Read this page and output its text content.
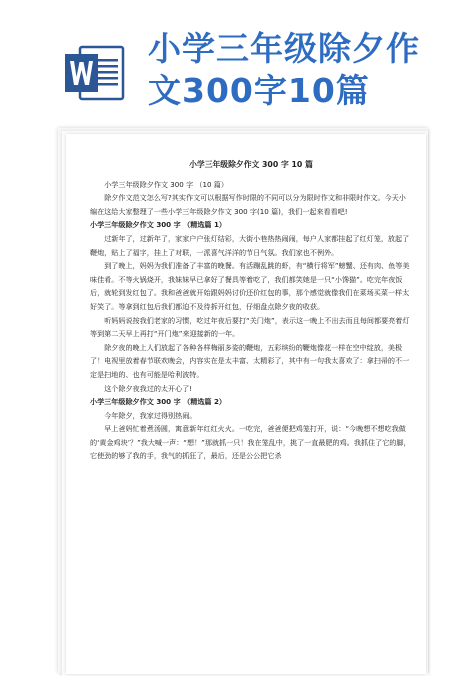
小学三年级除夕作
文300字10篇

小学三年级除夕作文 300 字 10 篇

小学三年级除夕作文 300 字 （10 篇）

除夕作文范文怎么写?其实作文可以根据写作时限的不同可以分为限时作文和非限时作文。今天小编在这给大家整理了一些小学三年级除夕作文 300 字(10 篇)，我们一起来看看吧!

小学三年级除夕作文 300 字 （精选篇 1）

过新年了，过新年了，家家户户张灯结彩，大街小巷热热闹闹，每户人家都挂起了红灯笼，放起了鞭炮，贴上了福字，挂上了对联，一派喜气洋洋的节日气氛。我们家也不例外。

到了晚上，妈妈为我们准备了丰富的晚餐。有活蹦乱跳的虾，有“横行将军”螃蟹、还有肉、鱼等美味佳肴。不等火锅烧开，我妹妹早已拿好了餐具等着吃了，我们都笑她是一只“小馋猫”。吃完年夜饭后，就轮到发红包了。我和爸爸就开始跟妈妈讨价还价红包的事，那个感觉就像我们在菜场买菜一样太好笑了。等拿到红包后我们都迫不及待拆开红包，仔细盘点除夕夜的收获。

听妈妈说按我们老家的习惯，吃过年夜后要打“关门炮”，表示这一晚上不出去而且每间都要亮着灯等到第二天早上再打“开门炮”来迎接新的一年。

除夕夜的晚上人们放起了各种各样梅丽多姿的鞭炮，五彩缤纷的鞭炮像花一样在空中绽放，美极了！电视里放着春节联欢晚会，内容实在是太丰富、太精彩了，其中有一句我太喜欢了：拿扫帚的不一定是扫地的、也有可能是哈利波特。

这个除夕夜我过的太开心了!

小学三年级除夕作文 300 字 （精选篇 2）

今年除夕，我家过得别热闹。

早上爸妈忙着煮汤圆，寓意新年红红火火。一吃完，爸爸便把鸡笼打开，说：“今晚想不想吃我做的‘黄金鸡块’？”我大喊一声：“想！”那就抓一只！我在笼乱中，挑了一直最肥的鸡。我抓住了它的脚，它使劲的够了我的手，我气的抓狂了，最后，还是公公把它杀
